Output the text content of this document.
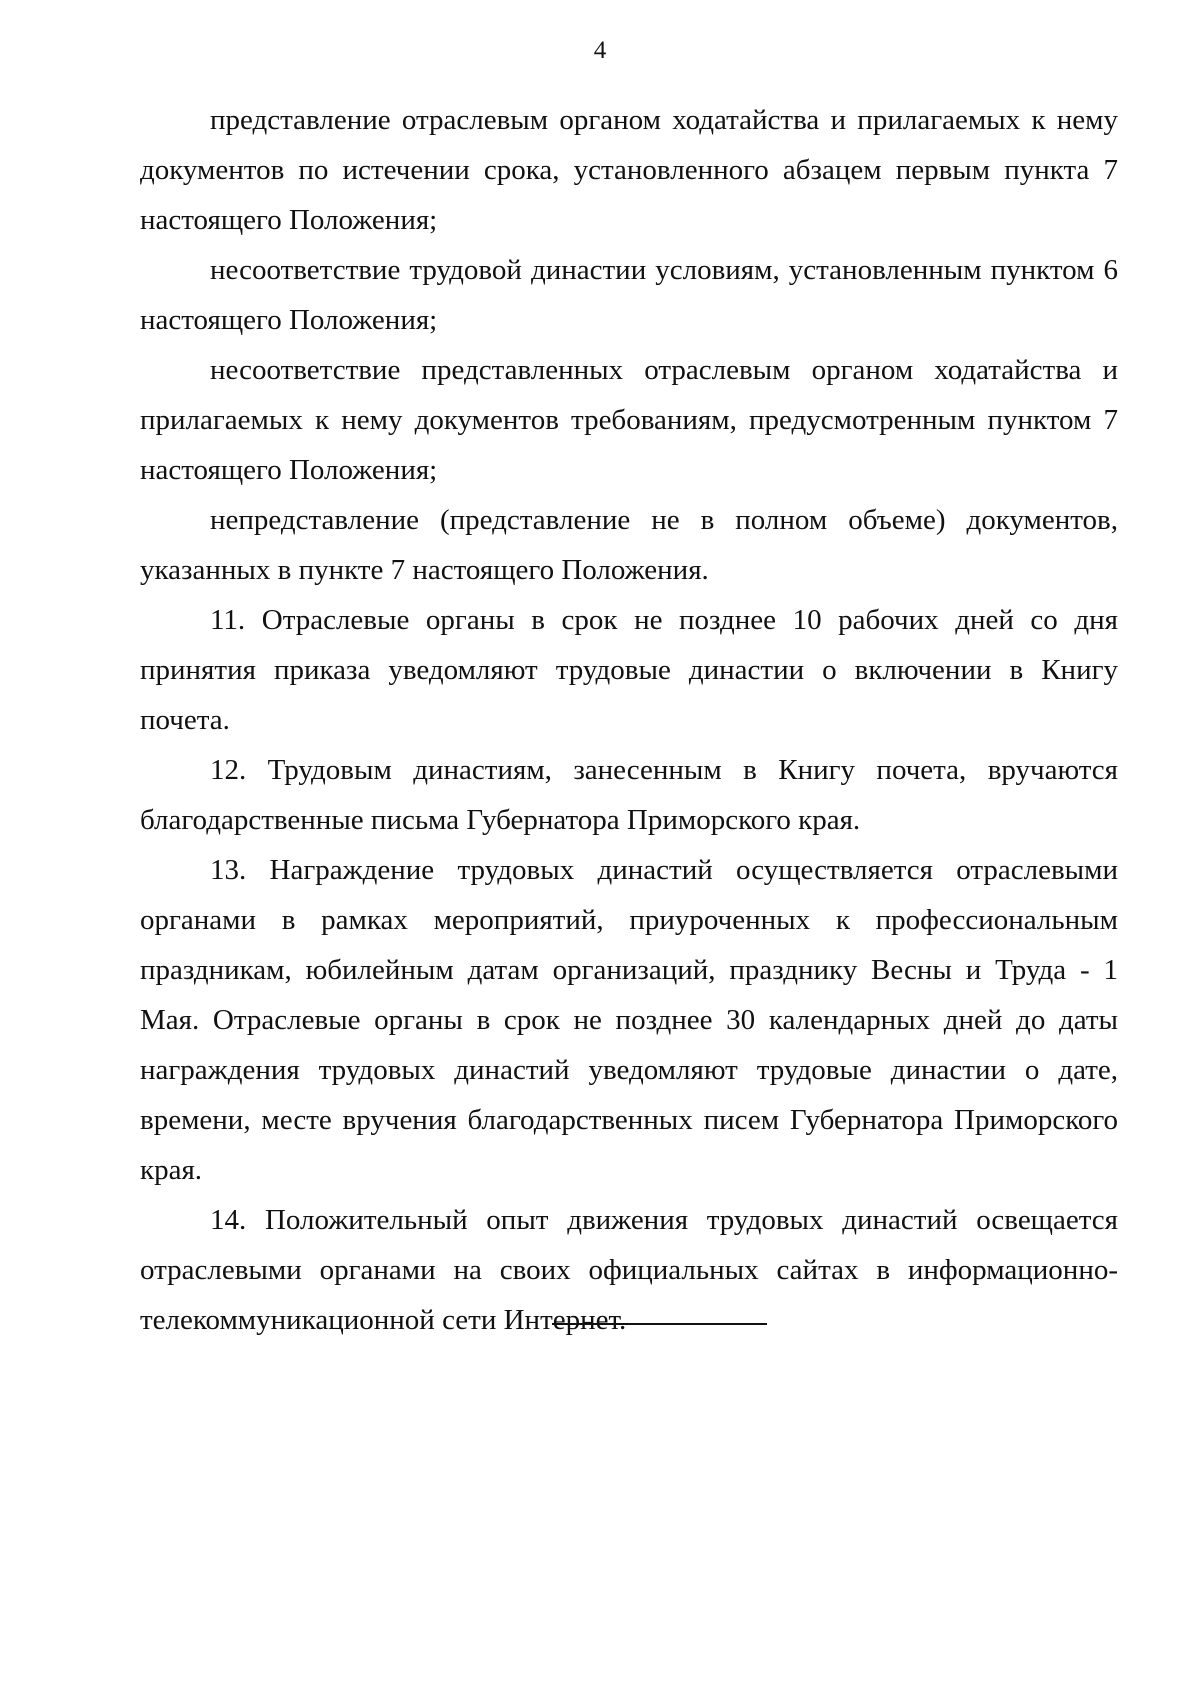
4

представление отраслевым органом ходатайства и прилагаемых к нему документов по истечении срока, установленного абзацем первым пункта 7 настоящего Положения;

несоответствие трудовой династии условиям, установленным пунктом 6 настоящего Положения;

несоответствие представленных отраслевым органом ходатайства и прилагаемых к нему документов требованиям, предусмотренным пунктом 7 настоящего Положения;

непредставление (представление не в полном объеме) документов, указанных в пункте 7 настоящего Положения.

11. Отраслевые органы в срок не позднее 10 рабочих дней со дня принятия приказа уведомляют трудовые династии о включении в Книгу почета.

12. Трудовым династиям, занесенным в Книгу почета, вручаются благодарственные письма Губернатора Приморского края.

13. Награждение трудовых династий осуществляется отраслевыми органами в рамках мероприятий, приуроченных к профессиональным праздникам, юбилейным датам организаций, празднику Весны и Труда - 1 Мая. Отраслевые органы в срок не позднее 30 календарных дней до даты награждения трудовых династий уведомляют трудовые династии о дате, времени, месте вручения благодарственных писем Губернатора Приморского края.

14. Положительный опыт движения трудовых династий освещается отраслевыми органами на своих официальных сайтах в информационно-телекоммуникационной сети Интернет.
